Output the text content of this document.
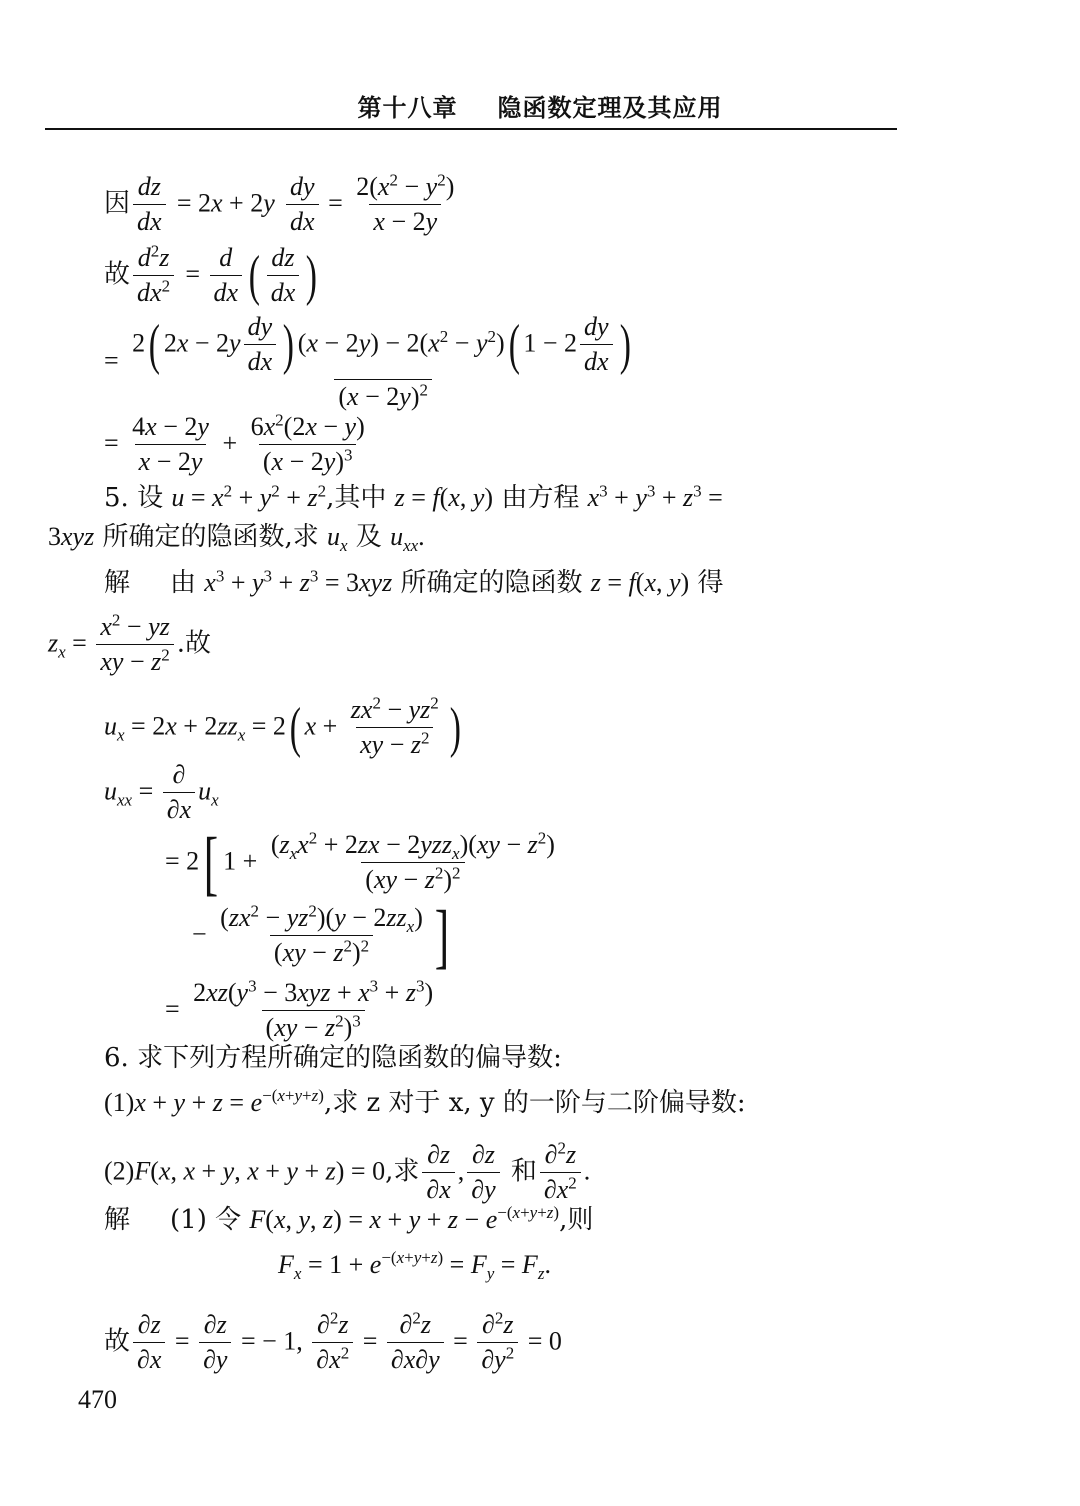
第十八章 隐函数定理及其应用
因 $\frac{dz}{dx} = 2x + 2y \frac{dy}{dx} = \frac{2(x^2 - y^2)}{x - 2y}$
故 $\frac{d^2z}{dx^2} = \frac{d}{dx}$ ( $\frac{dz}{dx}$ )
= $\frac{2( 2x - 2y \frac{dy}{dx} ) (x - 2y) - 2(x^2 - y^2)( 1 - 2 \frac{dy}{dx} )}{(x - 2y)^2}$
= $\frac{4x - 2y}{x - 2y} + \frac{6x^2(2x - y)}{(x - 2y)^3}$
5. 设 $u = x^2 + y^2 + z^2$,其中 z = f(x, y) 由方程 $x^3 + y^3 + z^3$ =
3xyz 所确定的隐函数,求 $u_x$ 及 $u_{xx}$.
解 由 $x^3 + y^3 + z^3 = 3xyz$ 所确定的隐函数 z = f(x, y) 得
$z_x = \frac{x^2 - yz}{xy - z^2}$ .故
$u_x = 2x + 2zz_x = 2$( $x + \frac{zx^2 - yz^2}{xy - z^2}$ )
$u_{xx} = \frac{\partial}{\partial x} u_x$
= 2[ $1 + \frac{(z_xx^2 + 2zx - 2yzz_x)(xy - z^2)}{(xy - z^2)^2}$
− $\frac{(zx^2 - yz^2)(y - 2zz_x)}{(xy - z^2)^2}$ ]
= $\frac{2xz(y^3 - 3xyz + x^3 + z^3)}{(xy - z^2)^3}$
6. 求下列方程所确定的隐函数的偏导数:
$(1)x + y + z = e^{-(x+y+z)}$,求 z 对于 x, y 的一阶与二阶偏导数:
(2)F(x, x + y, x + y + z) = 0,求 $\frac{\partial z}{\partial x}$ , $\frac{\partial z}{\partial y}$ 和 $\frac{\partial^2z}{\partial x^2}$ .
解 (1) 令 F(x, y, $z) = x + y + z - e^{-(x+y+z)}$,则
$F_x = 1 + e^{-(x+y+z)} = F_y = F_z$.
故 $\frac{\partial z}{\partial x} = \frac{\partial z}{\partial y}$ = − 1, $\frac{\partial^2z}{\partial x^2} = \frac{\partial^2z}{\partial x\partial y} = \frac{\partial^2z}{\partial y^2} = 0$
470
